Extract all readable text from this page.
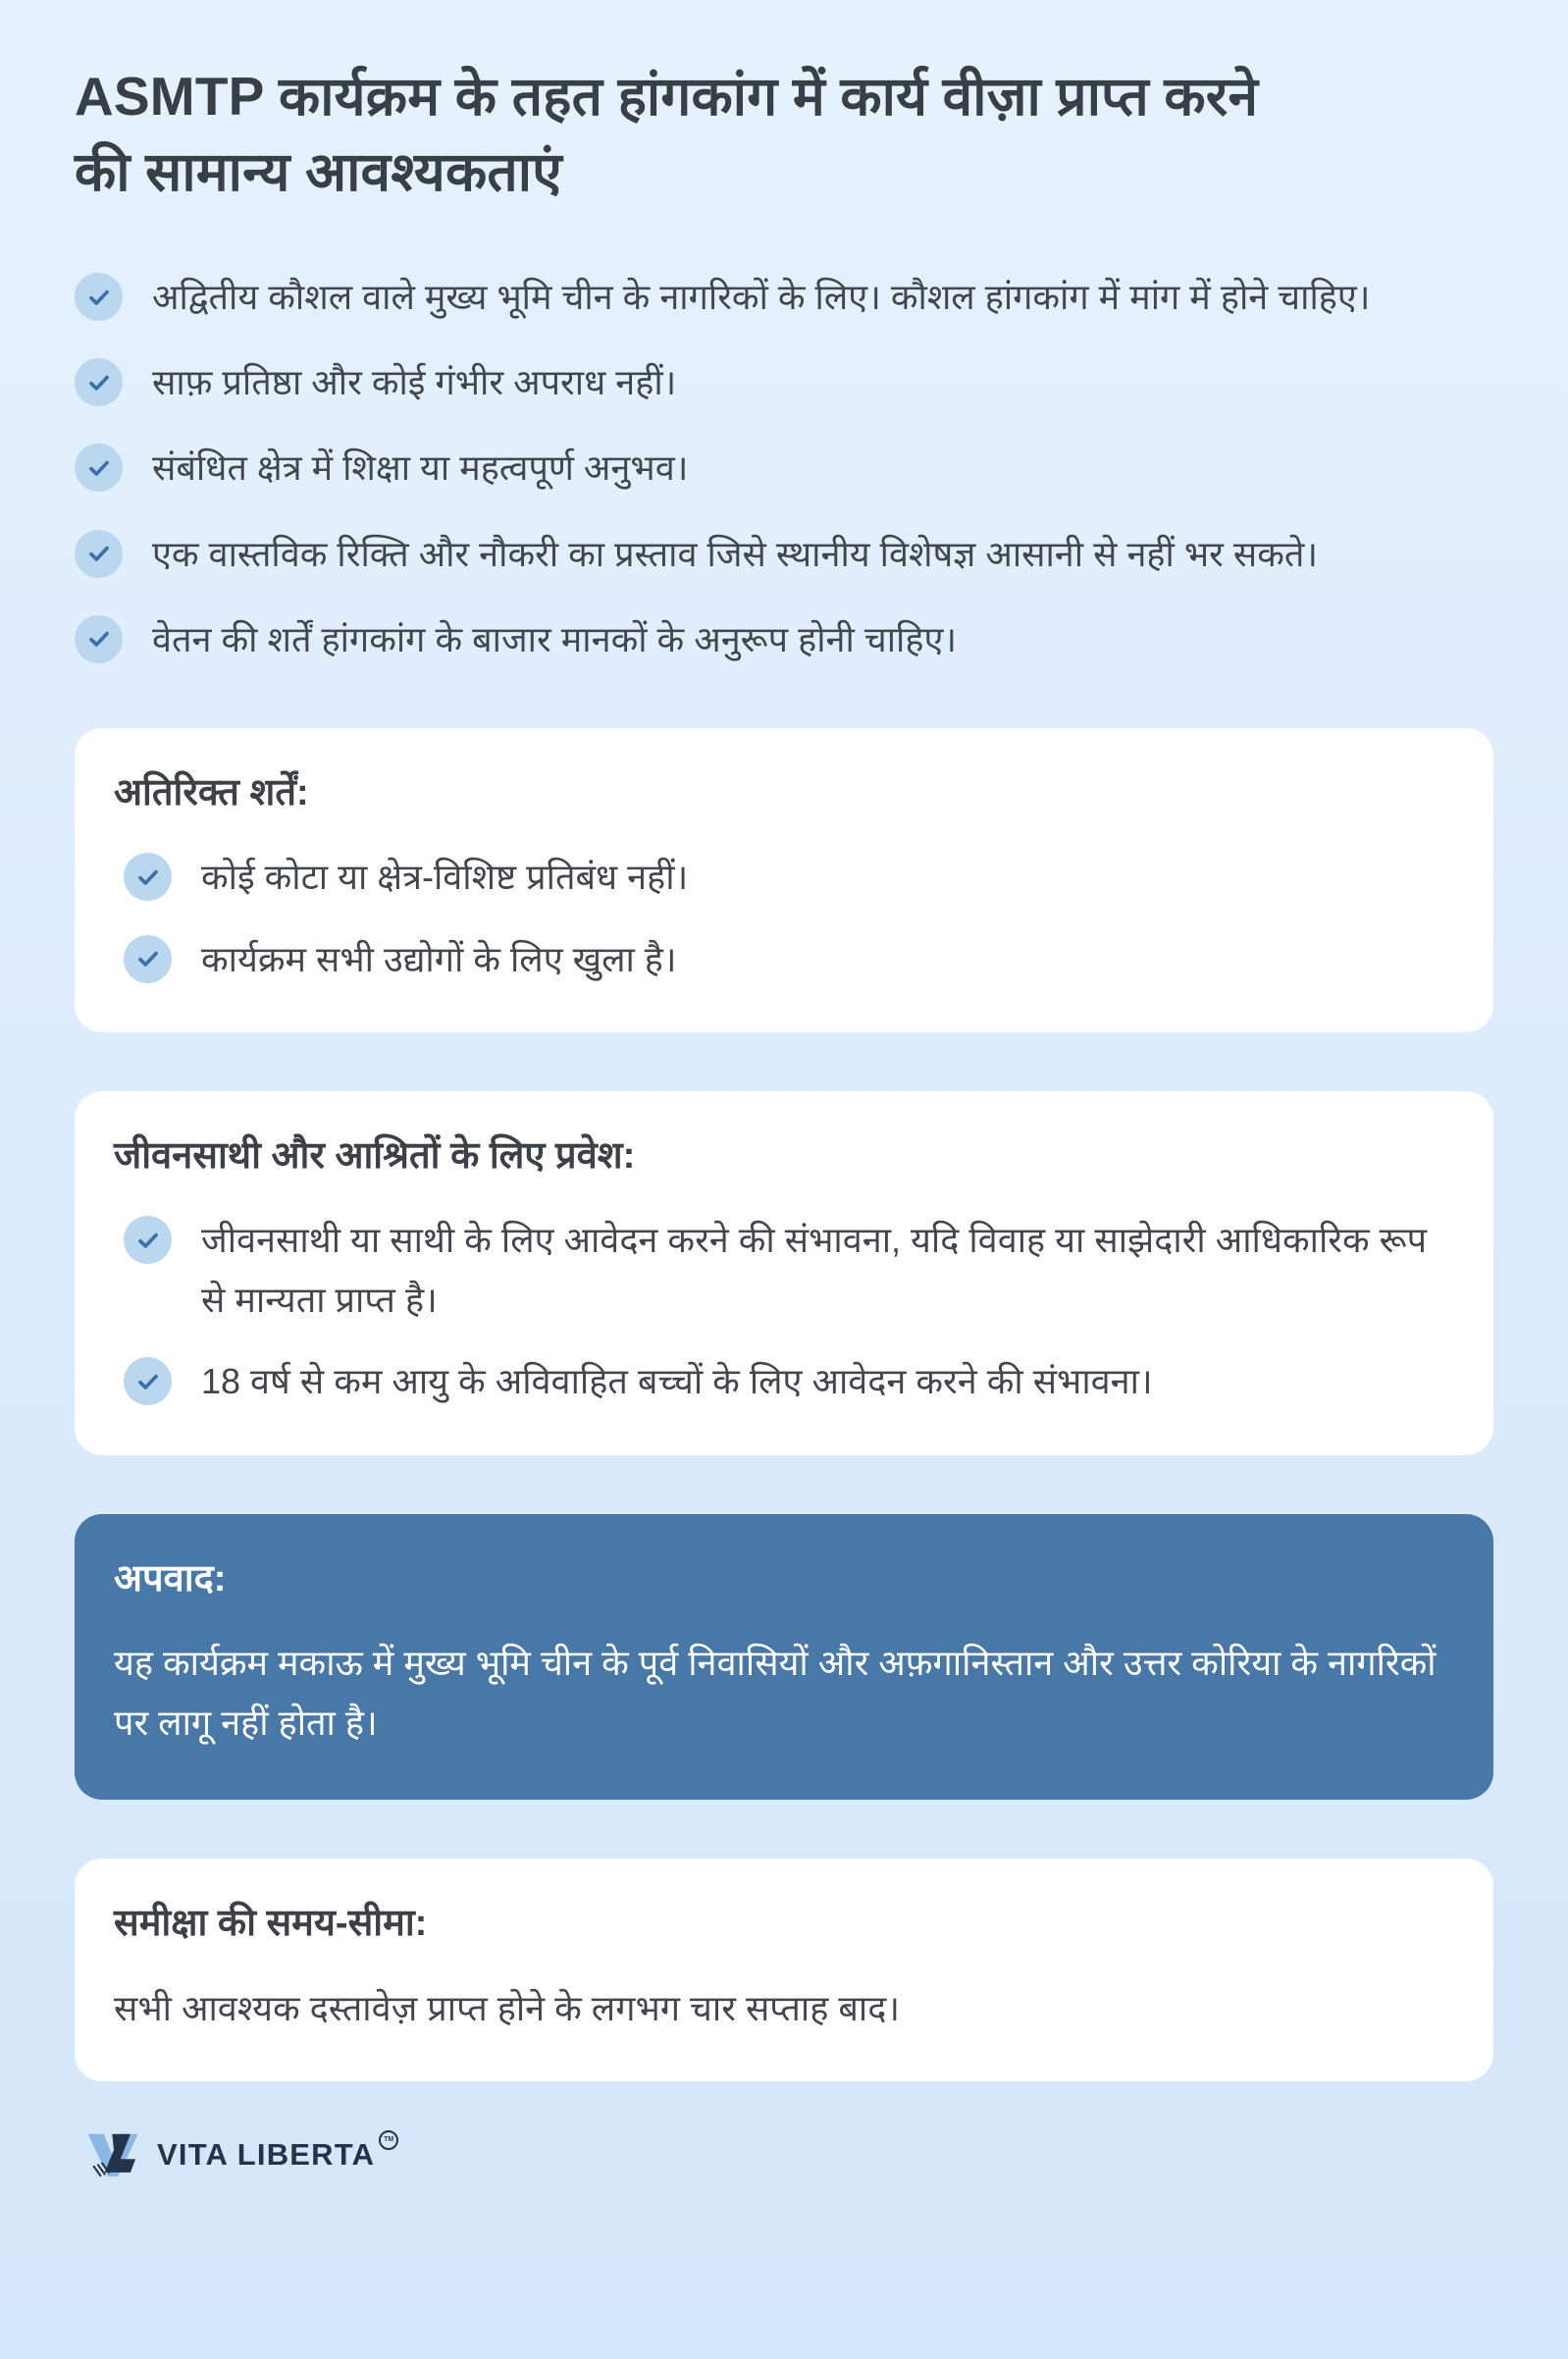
ASMTP कार्यक्रम के तहत हांगकांग में कार्य वीज़ा प्राप्त करने की सामान्य आवश्यकताएं
अद्वितीय कौशल वाले मुख्य भूमि चीन के नागरिकों के लिए। कौशल हांगकांग में मांग में होने चाहिए।
साफ़ प्रतिष्ठा और कोई गंभीर अपराध नहीं।
संबंधित क्षेत्र में शिक्षा या महत्वपूर्ण अनुभव।
एक वास्तविक रिक्ति और नौकरी का प्रस्ताव जिसे स्थानीय विशेषज्ञ आसानी से नहीं भर सकते।
वेतन की शर्तें हांगकांग के बाजार मानकों के अनुरूप होनी चाहिए।
अतिरिक्त शर्तें:
कोई कोटा या क्षेत्र-विशिष्ट प्रतिबंध नहीं।
कार्यक्रम सभी उद्योगों के लिए खुला है।
जीवनसाथी और आश्रितों के लिए प्रवेश:
जीवनसाथी या साथी के लिए आवेदन करने की संभावना, यदि विवाह या साझेदारी आधिकारिक रूप से मान्यता प्राप्त है।
18 वर्ष से कम आयु के अविवाहित बच्चों के लिए आवेदन करने की संभावना।
अपवाद:

यह कार्यक्रम मकाऊ में मुख्य भूमि चीन के पूर्व निवासियों और अफ़गानिस्तान और उत्तर कोरिया के नागरिकों पर लागू नहीं होता है।

समीक्षा की समय-सीमा:

सभी आवश्यक दस्तावेज़ प्राप्त होने के लगभग चार सप्ताह बाद।

VITA LIBERTA	TM
